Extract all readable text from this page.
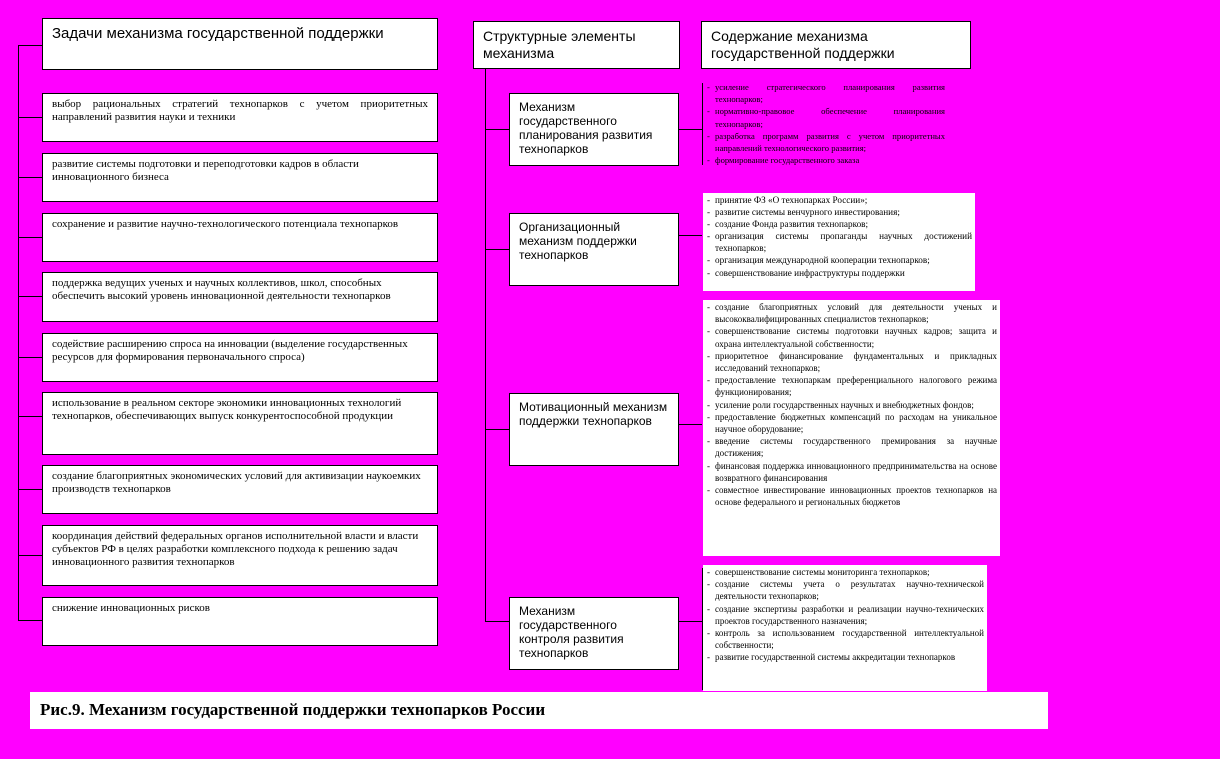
Задачи механизма государственной поддержки	Структурные элементы механизма
Содержание механизма государственной поддержки
выбор рациональных стратегий технопарков с учетом приоритетных направлений развития науки и техники
развитие системы подготовки и переподготовки кадров в области инновационного бизнеса
сохранение и развитие научно-технологического потенциала технопарков
поддержка ведущих ученых и научных коллективов, школ, способных обеспечить высокий уровень инновационной деятельности технопарков
содействие расширению спроса на инновации (выделение государственных ресурсов для формирования первоначального спроса)
использование в реальном секторе экономики инновационных технологий технопарков, обеспечивающих выпуск конкурентоспособной продукции
создание благоприятных экономических условий для активизации наукоемких производств технопарков
координация действий федеральных органов исполнительной власти и власти субъектов РФ в целях разработки комплексного подхода к решению задач инновационного развития технопарков
снижение инновационных рисков
Механизм государственного планирования развития технопарков
Организационный механизм поддержки технопарков
Мотивационный механизм поддержки технопарков
Механизм государственного контроля развития технопарков
- усиление стратегического планирования развития технопарков;
- нормативно-правовое обеспечение планирования технопарков;
- разработка программ развития с учетом приоритетных направлений технологического развития;
- формирование государственного заказа
- принятие ФЗ «О технопарках России»;
- развитие системы венчурного инвестирования;
- создание Фонда развития технопарков;
- организация системы пропаганды научных достижений технопарков;
- организация международной кооперации технопарков;
- совершенствование инфраструктуры поддержки
- создание благоприятных условий для деятельности ученых и высококвалифицированных специалистов технопарков;
- совершенствование системы подготовки научных кадров; защита и охрана интеллектуальной собственности;
- приоритетное финансирование фундаментальных и прикладных исследований технопарков;
- предоставление технопаркам преференциального налогового режима функционирования;
- усиление роли государственных научных и внебюджетных фондов;
- предоставление бюджетных компенсаций по расходам на уникальное научное оборудование;
- введение системы государственного премирования за научные достижения;
- финансовая поддержка инновационного предпринимательства на основе возвратного финансирования
- совместное инвестирование инновационных проектов технопарков на основе федерального и региональных бюджетов
- совершенствование системы мониторинга технопарков;
- создание системы учета о результатах научно-технической деятельности технопарков;
- создание экспертизы разработки и реализации научно-технических проектов государственного назначения;
- контроль за использованием государственной интеллектуальной собственности;
- развитие государственной системы аккредитации технопарков
Рис.9. Механизм государственной поддержки технопарков России
